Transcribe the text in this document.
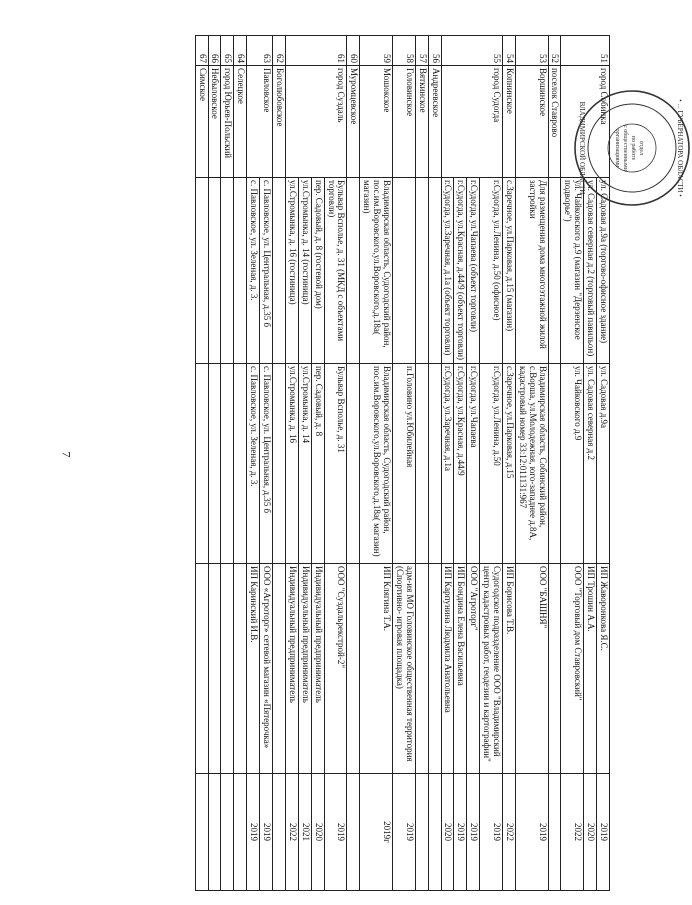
7
51	город Собинка	ул. Садовая д.9а (торгово-офисное здание)	ул. Садовая д.9а	ИП Жаворонкова Я.С.	2019
		ул. Садовая северная д.2 (торговый павильон)	ул. Садовая северная д.2	ИП Трошин А.А.	2020
		ул. Чайковского д.9 (магазин "Дерзенское подворье")	ул. Чайковского д.9	ООО "Торговый дом Ставровский"	2022
52	поселок Ставрово				
53	Воршинское	Для размещения дома многоэтажной жилой застройки	Владимирская область, Собинский район, с.Ворша, ул.Молодежная, юго-западнее д.8А, кадастровый номер 33:12:011131:967	ООО "БАШНЯ"	2019
54	Копнинское	с.Заречное, ул.Парковая, д.15 (магазин)	с.Заречное, ул.Парковая, д.15	ИП Борисова Т.В.	2022
55	город Судогда	г.Судогда, ул.Ленина, д.50 (офисное)	г.Судогда, ул.Ленина, д.50	Судогодское подразделение ООО "Владимирский центр кадастровых работ, геодезии и картографии"	2019
		г.Судогда, ул.Чапаева (объект торговли)	г.Судогда, ул.Чапаева	ООО "Агроторг"	2019
		г.Судогда, ул.Красная, д.44/9 (объект торговли)	г.Судогда, ул.Красная, д.44/9	ИП Бондина Елена Васильевна	2019
		г.Судогда, ул.Заречная, д.1а (объект торговли)	г.Судогда, ул.Заречная, д.1а	ИП Карпунина Людмила Анатольевна	2020
56	Андреевское				
57	Вяткинское				
58	Головинское		п.Головино ул.Юбилейная	адм-ия МО Головинское общественная территория (Спортивно- игровая площадка)	2019
59	Мошокское	Владимирская область, Судогодский район, пос.им.Воровского,ул.Воровского,д.18а( магазин)	Владимирская область, Судогодский район, пос.им.Воровского,ул.Воровского,д.18а( магазин)	ИП Клягина Т.А.	2019г
60	Муромцевское				
61	город Суздаль	Бульвар Всполье, д. 31 (МКД с объектами торговли)	Бульвар Всполье, д. 31	ООО "Суздальрекстрой-2"	2019
		пер. Садовый, д. 8 (гостевой дом)	пер. Садовый, д. 8	Индивидуальный предприниматель	2020
		ул.Стромынка, д. 14 (гостиница)	ул.Стромынка, д. 14	Индивидуальный предприниматель	2021
		ул.Стромынка, д. 16 (гостиница)	ул.Стромынка, д. 16	Индивидуальный предприниматель	2022
62	Боголюбовское				
63	Павловское	с. Павловское, ул. Центральная, д.35 б	с. Павловское, ул. Центральная, д.35 б	ООО «Агроторг» сетевой магазин «Пятерочка»	2019
		с. Павловское, ул. Зеленая, д. 3.	с. Павловское, ул. Зеленая, д. 3.	ИП Каринский И.В.	2019
64	Селецкое				
65	город Юрьев-Польский				
66	Небыловское				
67	Симское				
• ... ГУБЕРНАТОРА ОБЛАСТИ •
ВЛАДИМИРСКОЙ ОБЛАСТИ	отдел
по работе
с общественными
организациями
